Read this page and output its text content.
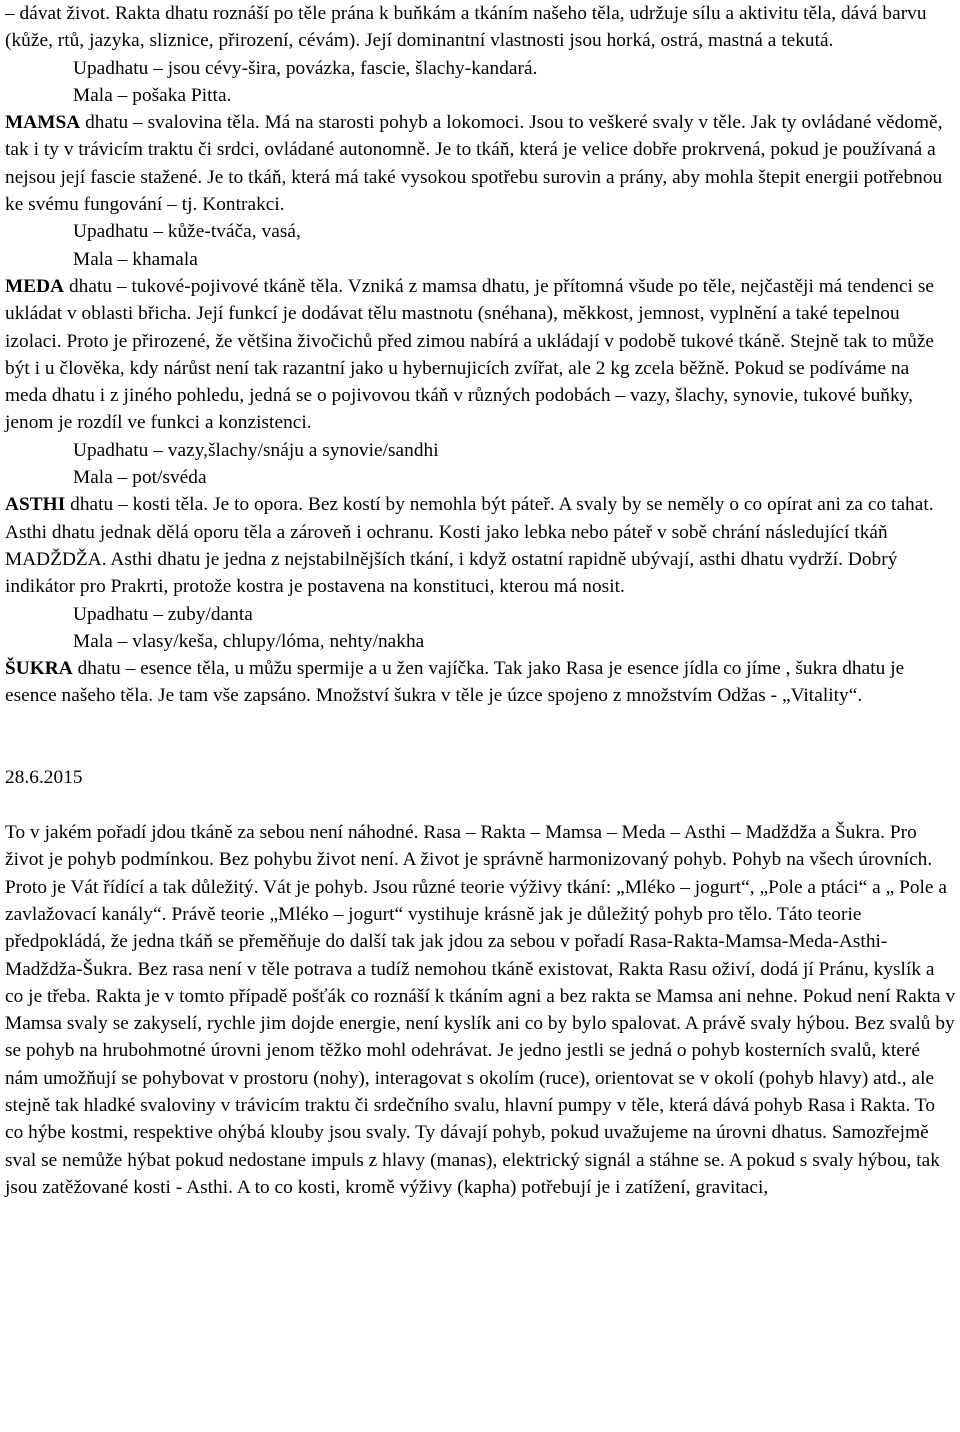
– dávat život. Rakta dhatu roznáší po těle prána k buňkám a tkáním našeho těla, udržuje sílu a aktivitu těla, dává barvu (kůže, rtů, jazyka, sliznice, přirození, cévám). Její dominantní vlastnosti jsou horká, ostrá, mastná a tekutá.

Upadhatu – jsou cévy-šira, povázka, fascie, šlachy-kandará.

Mala – pošaka Pitta.

MAMSA dhatu – svalovina těla. Má na starosti pohyb a lokomoci. Jsou to veškeré svaly v těle. Jak ty ovládané vědomě, tak i ty v trávicím traktu či srdci, ovládané autonomně. Je to tkáň, která je velice dobře prokrvená, pokud je používaná a nejsou její fascie stažené. Je to tkáň, která má také vysokou spotřebu surovin a prány, aby mohla štepit energii potřebnou ke svému fungování – tj. Kontrakci.

Upadhatu – kůže-tváča, vasá,

Mala – khamala

MEDA dhatu – tukové-pojivové tkáně těla. Vzniká z mamsa dhatu, je přítomná všude po těle, nejčastěji má tendenci se ukládat v oblasti břicha. Její funkcí je dodávat tělu mastnotu (snéhana), měkkost, jemnost, vyplnění a také tepelnou izolaci. Proto je přirozené, že většina živočichů před zimou nabírá a ukládají v podobě tukové tkáně. Stejně tak to může být i u člověka, kdy nárůst není tak razantní jako u hybernujicích zvířat, ale 2 kg zcela běžně. Pokud se podíváme na meda dhatu i z jiného pohledu, jedná se o pojivovou tkáň v různých podobách – vazy, šlachy, synovie, tukové buňky, jenom je rozdíl ve funkci a konzistenci.

Upadhatu – vazy,šlachy/snáju a synovie/sandhi

Mala – pot/svéda

ASTHI dhatu – kosti těla. Je to opora. Bez kostí by nemohla být páteř. A svaly by se neměly o co opírat ani za co tahat. Asthi dhatu jednak dělá oporu těla a zároveň i ochranu. Kosti jako lebka nebo páteř v sobě chrání následující tkáň MADŽDŽA. Asthi dhatu je jedna z nejstabilnějších tkání, i když ostatní rapidně ubývají, asthi dhatu vydrží. Dobrý indikátor pro Prakrti, protože kostra je postavena na konstituci, kterou má nosit.

Upadhatu – zuby/danta

Mala – vlasy/keša, chlupy/lóma, nehty/nakha

ŠUKRA dhatu – esence těla, u můžu spermije a u žen vajíčka. Tak jako Rasa je esence jídla co jíme , šukra dhatu je esence našeho těla. Je tam vše zapsáno. Množství šukra v těle je úzce spojeno z množstvím Odžas - „Vitality“.

28.6.2015

To v jakém pořadí jdou tkáně za sebou není náhodné. Rasa – Rakta – Mamsa – Meda – Asthi – Madždža a Šukra. Pro život je pohyb podmínkou. Bez pohybu život není. A život je správně harmonizovaný pohyb. Pohyb na všech úrovních. Proto je Vát řídící a tak důležitý. Vát je pohyb. Jsou různé teorie výživy tkání: „Mléko – jogurt“, „Pole a ptáci“ a „ Pole a zavlažovací kanály“. Právě teorie „Mléko – jogurt“ vystihuje krásně jak je důležitý pohyb pro tělo. Táto teorie předpokládá, že jedna tkáň se přeměňuje do další tak jak jdou za sebou v pořadí Rasa-Rakta-Mamsa-Meda-Asthi-Madždža-Šukra. Bez rasa není v těle potrava a tudíž nemohou tkáně existovat, Rakta Rasu oživí, dodá jí Pránu, kyslík a co je třeba. Rakta je v tomto případě pošťák co roznáší k tkáním agni a bez rakta se Mamsa ani nehne. Pokud není Rakta v Mamsa svaly se zakyselí, rychle jim dojde energie, není kyslík ani co by bylo spalovat. A právě svaly hýbou. Bez svalů by se pohyb na hrubohmotné úrovni jenom těžko mohl odehrávat. Je jedno jestli se jedná o pohyb kosterních svalů, které nám umožňují se pohybovat v prostoru (nohy), interagovat s okolím (ruce), orientovat se v okolí (pohyb hlavy) atd., ale stejně tak hladké svaloviny v trávicím traktu či srdečního svalu, hlavní pumpy v těle, která dává pohyb Rasa i Rakta. To co hýbe kostmi, respektive ohýbá klouby jsou svaly. Ty dávají pohyb, pokud uvažujeme na úrovni dhatus. Samozřejmě sval se nemůže hýbat pokud nedostane impuls z hlavy (manas), elektrický signál a stáhne se. A pokud s svaly hýbou, tak jsou zatěžované kosti - Asthi. A to co kosti, kromě výživy (kapha) potřebují je i zatížení, gravitaci,
